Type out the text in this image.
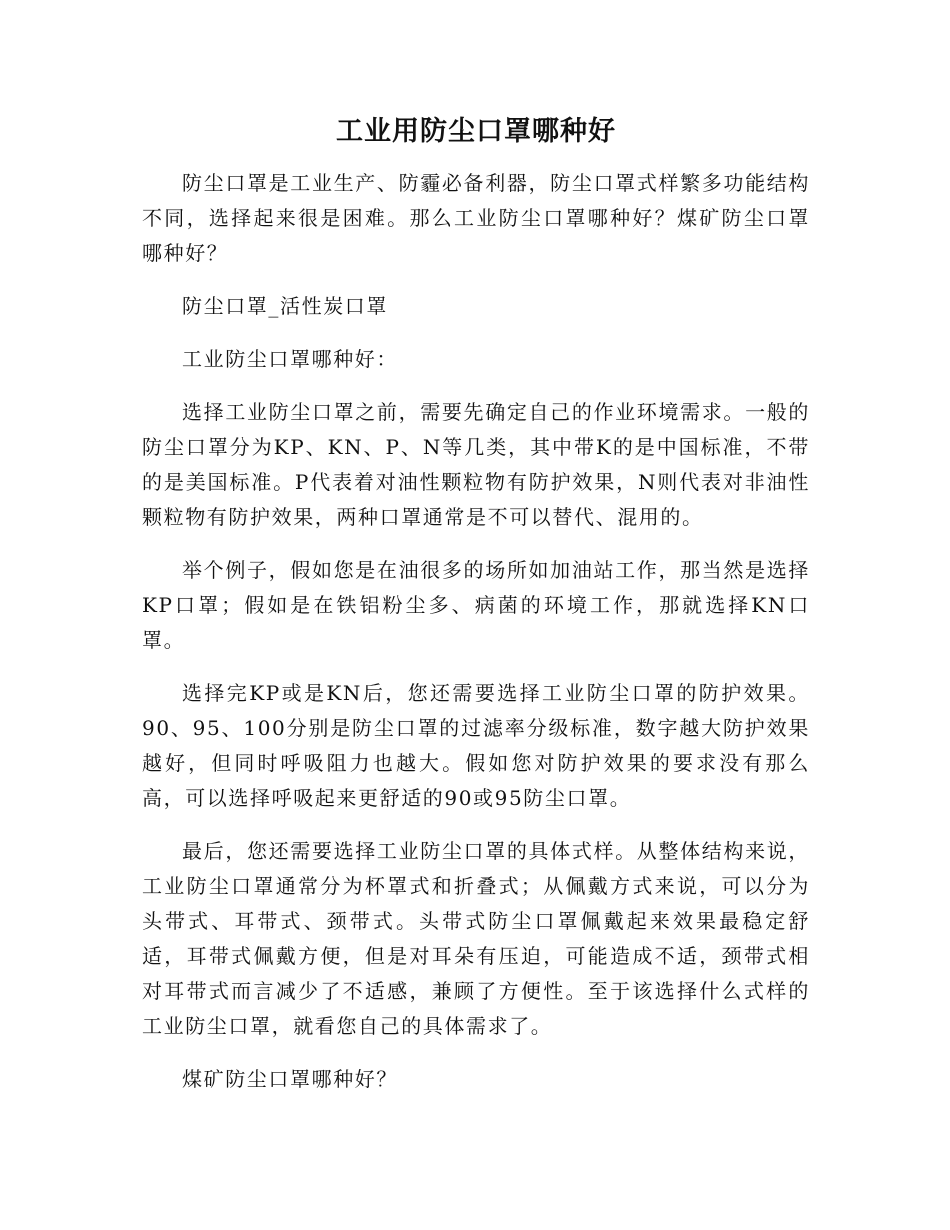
工业用防尘口罩哪种好

防尘口罩是工业生产、防霾必备利器，防尘口罩式样繁多功能结构不同，选择起来很是困难。那么工业防尘口罩哪种好？煤矿防尘口罩哪种好？

防尘口罩_活性炭口罩

工业防尘口罩哪种好：

选择工业防尘口罩之前，需要先确定自己的作业环境需求。一般的防尘口罩分为KP、KN、P、N等几类，其中带K的是中国标准，不带的是美国标准。P代表着对油性颗粒物有防护效果，N则代表对非油性颗粒物有防护效果，两种口罩通常是不可以替代、混用的。

举个例子，假如您是在油很多的场所如加油站工作，那当然是选择KP口罩；假如是在铁铝粉尘多、病菌的环境工作，那就选择KN口罩。

选择完KP或是KN后，您还需要选择工业防尘口罩的防护效果。90、95、100分别是防尘口罩的过滤率分级标准，数字越大防护效果越好，但同时呼吸阻力也越大。假如您对防护效果的要求没有那么高，可以选择呼吸起来更舒适的90或95防尘口罩。

最后，您还需要选择工业防尘口罩的具体式样。从整体结构来说，工业防尘口罩通常分为杯罩式和折叠式；从佩戴方式来说，可以分为头带式、耳带式、颈带式。头带式防尘口罩佩戴起来效果最稳定舒适，耳带式佩戴方便，但是对耳朵有压迫，可能造成不适，颈带式相对耳带式而言减少了不适感，兼顾了方便性。至于该选择什么式样的工业防尘口罩，就看您自己的具体需求了。

煤矿防尘口罩哪种好？
